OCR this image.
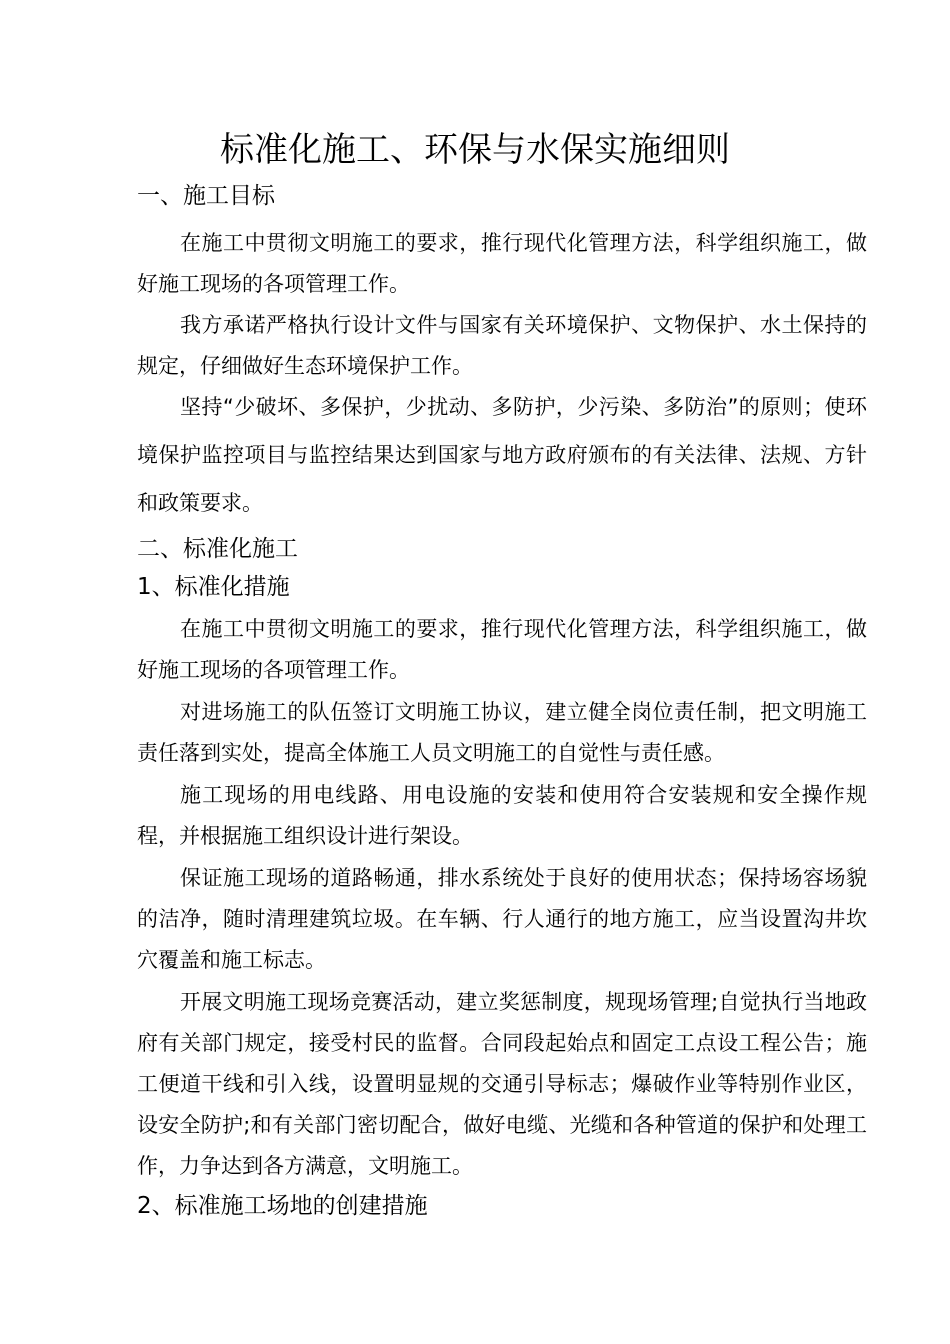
标准化施工、环保与水保实施细则
一、施工目标

在施工中贯彻文明施工的要求，推行现代化管理方法，科学组织施工，做好施工现场的各项管理工作。

我方承诺严格执行设计文件与国家有关环境保护、文物保护、水土保持的规定，仔细做好生态环境保护工作。

坚持“少破坏、多保护，少扰动、多防护，少污染、多防治”的原则；使环境保护监控项目与监控结果达到国家与地方政府颁布的有关法律、法规、方针和政策要求。

二、标准化施工
1、标准化措施

在施工中贯彻文明施工的要求，推行现代化管理方法，科学组织施工，做好施工现场的各项管理工作。

对进场施工的队伍签订文明施工协议，建立健全岗位责任制，把文明施工责任落到实处，提高全体施工人员文明施工的自觉性与责任感。

施工现场的用电线路、用电设施的安装和使用符合安装规和安全操作规程，并根据施工组织设计进行架设。

保证施工现场的道路畅通，排水系统处于良好的使用状态；保持场容场貌的洁净，随时清理建筑垃圾。在车辆、行人通行的地方施工，应当设置沟井坎穴覆盖和施工标志。

开展文明施工现场竞赛活动，建立奖惩制度，规现场管理;自觉执行当地政府有关部门规定，接受村民的监督。合同段起始点和固定工点设工程公告；施工便道干线和引入线，设置明显规的交通引导标志；爆破作业等特别作业区，设安全防护;和有关部门密切配合，做好电缆、光缆和各种管道的保护和处理工作，力争达到各方满意，文明施工。

2、标准施工场地的创建措施
